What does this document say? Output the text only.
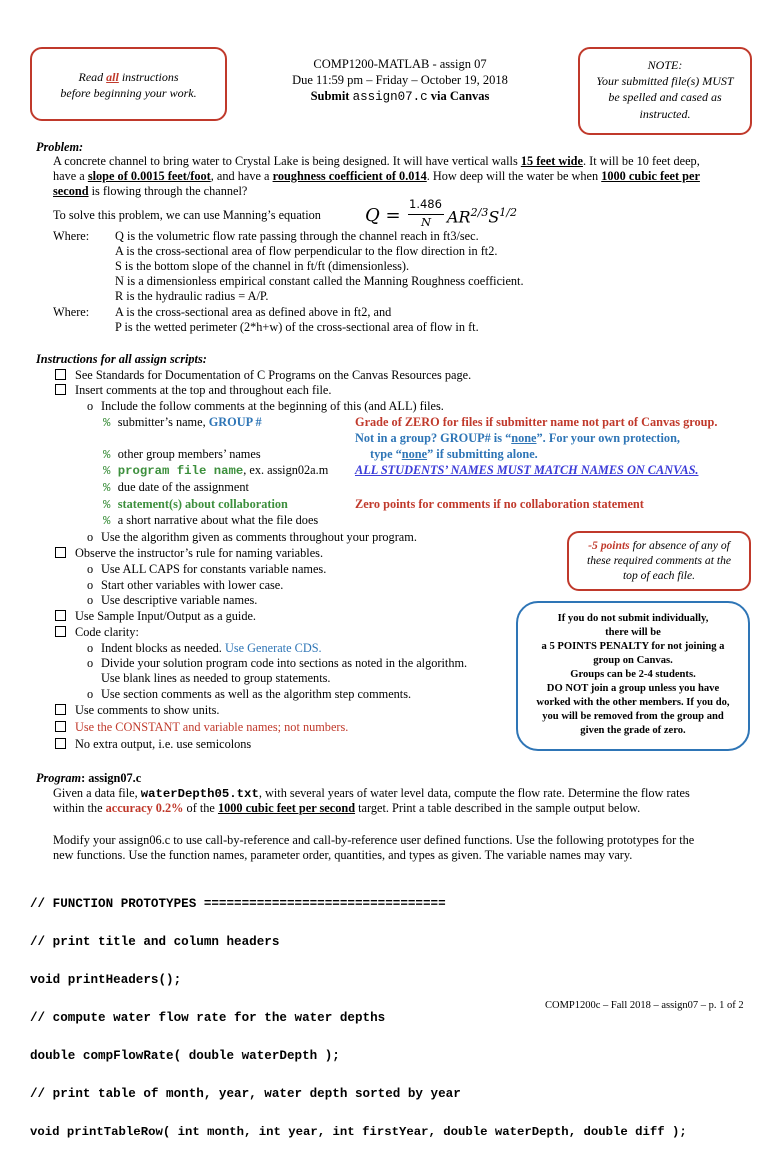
Read all instructions
before beginning your work.
COMP1200-MATLAB - assign 07
Due 11:59 pm – Friday – October 19, 2018
Submit assign07.c via Canvas
NOTE:
Your submitted file(s) MUST
be spelled and cased as
instructed.
Problem:
A concrete channel to bring water to Crystal Lake is being designed. It will have vertical walls 15 feet wide. It will be 10 feet deep,
have a slope of 0.0015 feet/foot, and have a roughness coefficient of 0.014. How deep will the water be when 1000 cubic feet per
second is flowing through the channel?
To solve this problem, we can use Manning’s equation Q =
1.486
N $AR^{2/3}S^{1/2}$
Where: Q is the volumetric flow rate passing through the channel reach in ft3/sec.
A is the cross-sectional area of flow perpendicular to the flow direction in ft2.
S is the bottom slope of the channel in ft/ft (dimensionless).
N is a dimensionless empirical constant called the Manning Roughness coefficient.
R is the hydraulic radius = A/P.
Where: A is the cross-sectional area as defined above in ft2, and
P is the wetted perimeter (2*h+w) of the cross-sectional area of flow in ft.
Instructions for all assign scripts:
See Standards for Documentation of C Programs on the Canvas Resources page.
Insert comments at the top and throughout each file.
o Include the follow comments at the beginning of this (and ALL) files.
% submitter’s name, GROUP #
% other group members’ names
% program file name, ex. assign02a.m
% due date of the assignment
% statement(s) about collaboration
% a short narrative about what the file does
Grade of ZERO for files if submitter name not part of Canvas group.
Not in a group? GROUP# is “none”. For your own protection,
type “none” if submitting alone.
ALL STUDENTS’ NAMES MUST MATCH NAMES ON CANVAS.
Zero points for comments if no collaboration statement
o Use the algorithm given as comments throughout your program.
Observe the instructor’s rule for naming variables.
o Use ALL CAPS for constants variable names.
o Start other variables with lower case.
o Use descriptive variable names.
Use Sample Input/Output as a guide.
Code clarity:
o Indent blocks as needed. Use Generate CDS.
o Divide your solution program code into sections as noted in the algorithm.
Use blank lines as needed to group statements.
o Use section comments as well as the algorithm step comments.
Use comments to show units.
Use the CONSTANT and variable names; not numbers.
No extra output, i.e. use semicolons
-5 points for absence of any of
these required comments at the
top of each file.
If you do not submit individually,
there will be
a 5 POINTS PENALTY for not joining a
group on Canvas.
Groups can be 2-4 students.
DO NOT join a group unless you have
worked with the other members. If you do,
you will be removed from the group and
given the grade of zero.
Program: assign07.c
Given a data file, waterDepth05.txt, with several years of water level data, compute the flow rate. Determine the flow rates
within the accuracy 0.2% of the 1000 cubic feet per second target. Print a table described in the sample output below.
Modify your assign06.c to use call-by-reference and call-by-reference user defined functions. Use the following prototypes for the
new functions. Use the function names, parameter order, quantities, and types as given. The variable names may vary.

// FUNCTION PROTOTYPES ================================

// print title and column headers

void printHeaders();

// compute water flow rate for the water depths

double compFlowRate( double waterDepth );

// print table of month, year, water depth sorted by year

void printTableRow( int month, int year, int firstYear, double waterDepth, double diff );

COMP1200c – Fall 2018 – assign07 – p. 1 of 2
